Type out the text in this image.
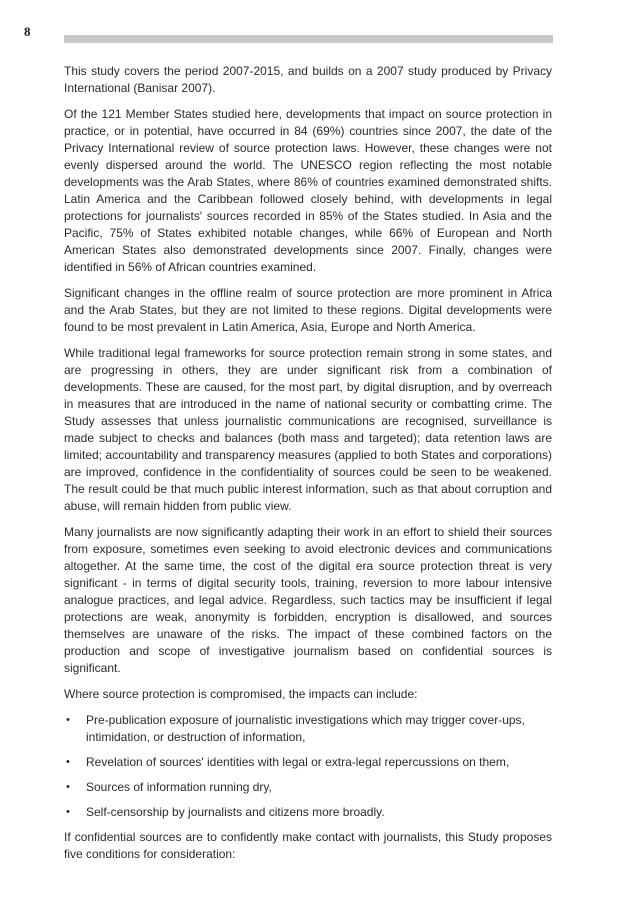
8

This study covers the period 2007-2015, and builds on a 2007 study produced by Privacy International (Banisar 2007).

Of the 121 Member States studied here, developments that impact on source protection in practice, or in potential, have occurred in 84 (69%) countries since 2007, the date of the Privacy International review of source protection laws. However, these changes were not evenly dispersed around the world. The UNESCO region reflecting the most notable developments was the Arab States, where 86% of countries examined demonstrated shifts. Latin America and the Caribbean followed closely behind, with developments in legal protections for journalists' sources recorded in 85% of the States studied. In Asia and the Pacific, 75% of States exhibited notable changes, while 66% of European and North American States also demonstrated developments since 2007. Finally, changes were identified in 56% of African countries examined.

Significant changes in the offline realm of source protection are more prominent in Africa and the Arab States, but they are not limited to these regions. Digital developments were found to be most prevalent in Latin America, Asia, Europe and North America.

While traditional legal frameworks for source protection remain strong in some states, and are progressing in others, they are under significant risk from a combination of developments. These are caused, for the most part, by digital disruption, and by overreach in measures that are introduced in the name of national security or combatting crime. The Study assesses that unless journalistic communications are recognised, surveillance is made subject to checks and balances (both mass and targeted); data retention laws are limited; accountability and transparency measures (applied to both States and corporations) are improved, confidence in the confidentiality of sources could be seen to be weakened. The result could be that much public interest information, such as that about corruption and abuse, will remain hidden from public view.

Many journalists are now significantly adapting their work in an effort to shield their sources from exposure, sometimes even seeking to avoid electronic devices and communications altogether. At the same time, the cost of the digital era source protection threat is very significant - in terms of digital security tools, training, reversion to more labour intensive analogue practices, and legal advice. Regardless, such tactics may be insufficient if legal protections are weak, anonymity is forbidden, encryption is disallowed, and sources themselves are unaware of the risks. The impact of these combined factors on the production and scope of investigative journalism based on confidential sources is significant.

Where source protection is compromised, the impacts can include:

• Pre-publication exposure of journalistic investigations which may trigger cover-ups, intimidation, or destruction of information,
• Revelation of sources' identities with legal or extra-legal repercussions on them,
• Sources of information running dry,
• Self-censorship by journalists and citizens more broadly.

If confidential sources are to confidently make contact with journalists, this Study proposes five conditions for consideration:
